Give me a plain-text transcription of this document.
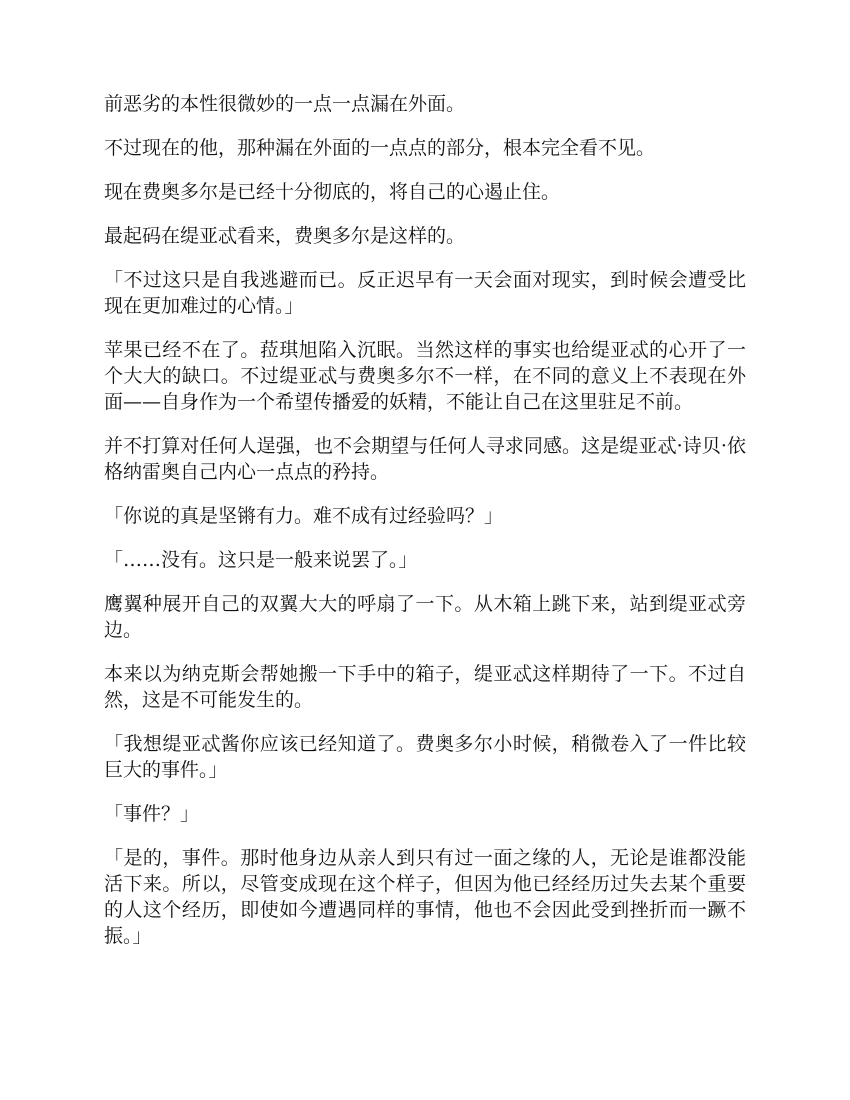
前恶劣的本性很微妙的一点一点漏在外面。

不过现在的他，那种漏在外面的一点点的部分，根本完全看不见。

现在费奥多尔是已经十分彻底的，将自己的心遏止住。

最起码在缇亚忒看来，费奥多尔是这样的。

「不过这只是自我逃避而已。反正迟早有一天会面对现实，到时候会遭受比现在更加难过的心情。」

苹果已经不在了。菈琪旭陷入沉眠。当然这样的事实也给缇亚忒的心开了一个大大的缺口。不过缇亚忒与费奥多尔不一样，在不同的意义上不表现在外面——自身作为一个希望传播爱的妖精，不能让自己在这里驻足不前。

并不打算对任何人逞强，也不会期望与任何人寻求同感。这是缇亚忒·诗贝·依格纳雷奥自己内心一点点的矜持。

「你说的真是坚锵有力。难不成有过经验吗？」

「……没有。这只是一般来说罢了。」

鹰翼种展开自己的双翼大大的呼扇了一下。从木箱上跳下来，站到缇亚忒旁边。

本来以为纳克斯会帮她搬一下手中的箱子，缇亚忒这样期待了一下。不过自然，这是不可能发生的。

「我想缇亚忒酱你应该已经知道了。费奥多尔小时候，稍微卷入了一件比较巨大的事件。」

「事件？」

「是的，事件。那时他身边从亲人到只有过一面之缘的人，无论是谁都没能活下来。所以，尽管变成现在这个样子，但因为他已经经历过失去某个重要的人这个经历，即使如今遭遇同样的事情，他也不会因此受到挫折而一蹶不振。」
